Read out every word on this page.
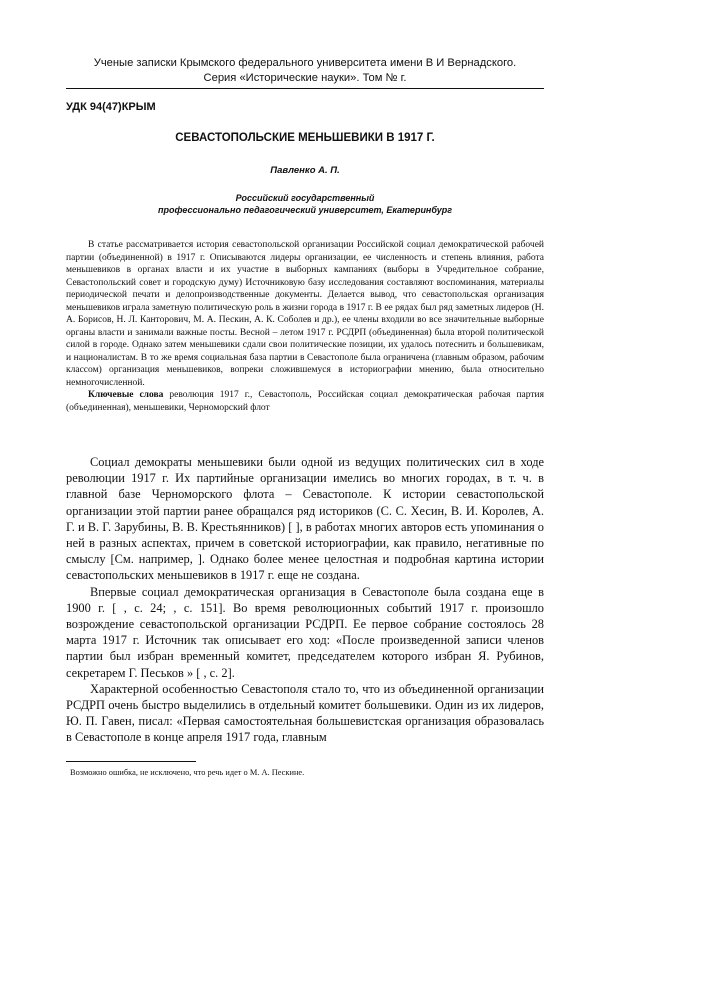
Ученые записки Крымского федерального университета имени В И Вернадского.
Серия «Исторические науки». Том № г.
УДК 94(47)КРЫМ
СЕВАСТОПОЛЬСКИЕ МЕНЬШЕВИКИ В 1917 Г.
Павленко А. П.
Российский государственный
профессионально педагогический университет, Екатеринбург

В статье рассматривается история севастопольской организации Российской социал демократической рабочей партии (объединенной) в 1917 г. Описываются лидеры организации, ее численность и степень влияния, работа меньшевиков в органах власти и их участие в выборных кампаниях (выборы в Учредительное собрание, Севастопольский совет и городскую думу) Источниковую базу исследования составляют воспоминания, материалы периодической печати и делопроизводственные документы. Делается вывод, что севастопольская организация меньшевиков играла заметную политическую роль в жизни города в 1917 г. В ее рядах был ряд заметных лидеров (Н. А. Борисов, Н. Л. Канторович, М. А. Пескин, А. К. Соболев и др.), ее члены входили во все значительные выборные органы власти и занимали важные посты. Весной – летом 1917 г. РСДРП (объединенная) была второй политической силой в городе. Однако затем меньшевики сдали свои политические позиции, их удалось потеснить и большевикам, и националистам. В то же время социальная база партии в Севастополе была ограничена (главным образом, рабочим классом) организация меньшевиков, вопреки сложившемуся в историографии мнению, была относительно немногочисленной.

Ключевые слова революция 1917 г., Севастополь, Российская социал демократическая рабочая партия (объединенная), меньшевики, Черноморский флот

Социал демократы меньшевики были одной из ведущих политических сил в ходе революции 1917 г. Их партийные организации имелись во многих городах, в т. ч. в главной базе Черноморского флота – Севастополе. К истории севастопольской организации этой партии ранее обращался ряд историков (С. С. Хесин, В. И. Королев, А. Г. и В. Г. Зарубины, В. В. Крестьянников) [ ], в работах многих авторов есть упоминания о ней в разных аспектах, причем в советской историографии, как правило, негативные по смыслу [См. например, ]. Однако более менее целостная и подробная картина истории севастопольских меньшевиков в 1917 г. еще не создана.

Впервые социал демократическая организация в Севастополе была создана еще в 1900 г. [ , с. 24; , с. 151]. Во время революционных событий 1917 г. произошло возрождение севастопольской организации РСДРП. Ее первое собрание состоялось 28 марта 1917 г. Источник так описывает его ход: «После произведенной записи членов партии был избран временный комитет, председателем которого избран Я. Рубинов, секретарем Г. Песьков » [ , с. 2].

Характерной особенностью Севастополя стало то, что из объединенной организации РСДРП очень быстро выделились в отдельный комитет большевики. Один из их лидеров, Ю. П. Гавен, писал: «Первая самостоятельная большевистская организация образовалась в Севастополе в конце апреля 1917 года, главным

Возможно ошибка, не исключено, что речь идет о М. А. Пескине.
